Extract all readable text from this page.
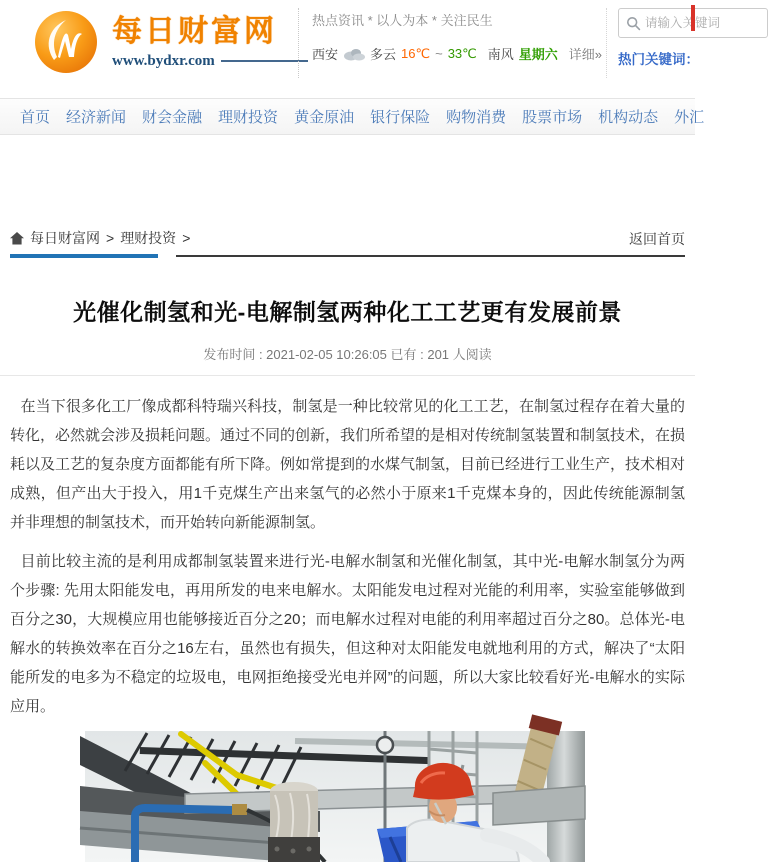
每日财富网
www.bydxr.com
热点资讯 * 以人为本 * 关注民生
西安 多云 16℃ ~ 33℃ 南风 星期六 详细»
请输入关键词 热门关键词：
首页 经济新闻 财会金融 理财投资 黄金原油 银行保险 购物消费 股票市场 机构动态 外汇
每日财富网 > 理财投资 >	返回首页
光催化制氢和光-电解制氢两种化工工艺更有发展前景
发布时间 : 2021-02-05 10:26:05 已有 : 201 人阅读

在当下很多化工厂像成都科特瑞兴科技，制氢是一种比较常见的化工工艺，在制氢过程存在着大量的转化，必然就会涉及损耗问题。通过不同的创新，我们所希望的是相对传统制氢装置和制氢技术，在损耗以及工艺的复杂度方面都能有所下降。例如常提到的水煤气制氢，目前已经进行工业生产，技术相对成熟，但产出大于投入，用1千克煤生产出来氢气的必然小于原来1千克煤本身的，因此传统能源制氢并非理想的制氢技术，而开始转向新能源制氢。

目前比较主流的是利用成都制氢装置来进行光-电解水制氢和光催化制氢，其中光-电解水制氢分为两个步骤: 先用太阳能发电，再用所发的电来电解水。太阳能发电过程对光能的利用率，实验室能够做到百分之30，大规模应用也能够接近百分之20；而电解水过程对电能的利用率超过百分之80。总体光-电解水的转换效率在百分之16左右，虽然也有损失，但这种对太阳能发电就地利用的方式，解决了“太阳能所发的电多为不稳定的垃圾电，电网拒绝接受光电并网”的问题，所以大家比较看好光-电解水的实际应用。
